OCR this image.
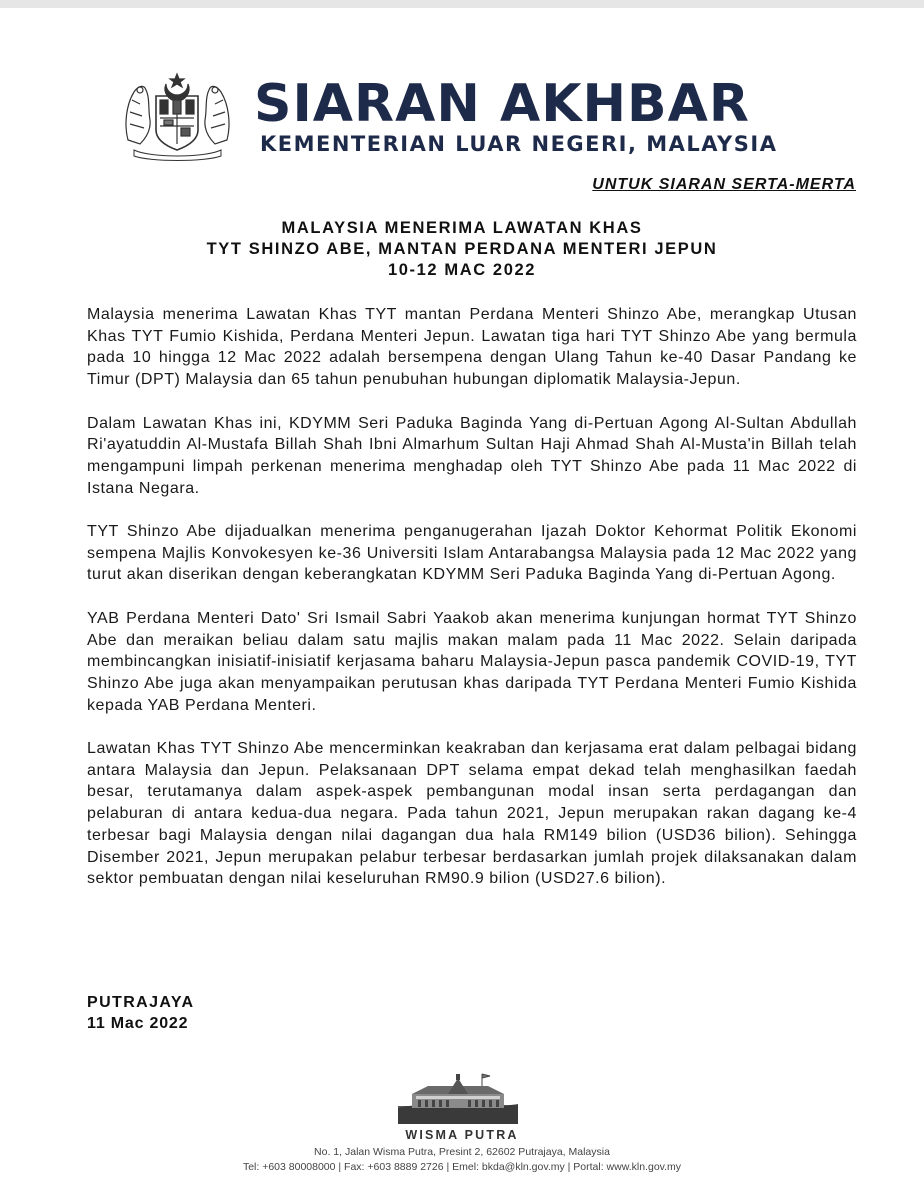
SIARAN AKHBAR
KEMENTERIAN LUAR NEGERI, MALAYSIA
UNTUK SIARAN SERTA-MERTA
MALAYSIA MENERIMA LAWATAN KHAS
TYT SHINZO ABE, MANTAN PERDANA MENTERI JEPUN
10-12 MAC 2022

Malaysia menerima Lawatan Khas TYT mantan Perdana Menteri Shinzo Abe, merangkap Utusan Khas TYT Fumio Kishida, Perdana Menteri Jepun. Lawatan tiga hari TYT Shinzo Abe yang bermula pada 10 hingga 12 Mac 2022 adalah bersempena dengan Ulang Tahun ke-40 Dasar Pandang ke Timur (DPT) Malaysia dan 65 tahun penubuhan hubungan diplomatik Malaysia-Jepun.

Dalam Lawatan Khas ini, KDYMM Seri Paduka Baginda Yang di-Pertuan Agong Al-Sultan Abdullah Ri'ayatuddin Al-Mustafa Billah Shah Ibni Almarhum Sultan Haji Ahmad Shah Al-Musta'in Billah telah mengampuni limpah perkenan menerima menghadap oleh TYT Shinzo Abe pada 11 Mac 2022 di Istana Negara.

TYT Shinzo Abe dijadualkan menerima penganugerahan Ijazah Doktor Kehormat Politik Ekonomi sempena Majlis Konvokesyen ke-36 Universiti Islam Antarabangsa Malaysia pada 12 Mac 2022 yang turut akan diserikan dengan keberangkatan KDYMM Seri Paduka Baginda Yang di-Pertuan Agong.

YAB Perdana Menteri Dato' Sri Ismail Sabri Yaakob akan menerima kunjungan hormat TYT Shinzo Abe dan meraikan beliau dalam satu majlis makan malam pada 11 Mac 2022. Selain daripada membincangkan inisiatif-inisiatif kerjasama baharu Malaysia-Jepun pasca pandemik COVID-19, TYT Shinzo Abe juga akan menyampaikan perutusan khas daripada TYT Perdana Menteri Fumio Kishida kepada YAB Perdana Menteri.

Lawatan Khas TYT Shinzo Abe mencerminkan keakraban dan kerjasama erat dalam pelbagai bidang antara Malaysia dan Jepun. Pelaksanaan DPT selama empat dekad telah menghasilkan faedah besar, terutamanya dalam aspek-aspek pembangunan modal insan serta perdagangan dan pelaburan di antara kedua-dua negara. Pada tahun 2021, Jepun merupakan rakan dagang ke-4 terbesar bagi Malaysia dengan nilai dagangan dua hala RM149 bilion (USD36 bilion). Sehingga Disember 2021, Jepun merupakan pelabur terbesar berdasarkan jumlah projek dilaksanakan dalam sektor pembuatan dengan nilai keseluruhan RM90.9 bilion (USD27.6 bilion).

PUTRAJAYA
11 Mac 2022
WISMA PUTRA
No. 1, Jalan Wisma Putra, Presint 2, 62602 Putrajaya, Malaysia
Tel: +603 80008000 | Fax: +603 8889 2726 | Emel: bkda@kln.gov.my | Portal: www.kln.gov.my
